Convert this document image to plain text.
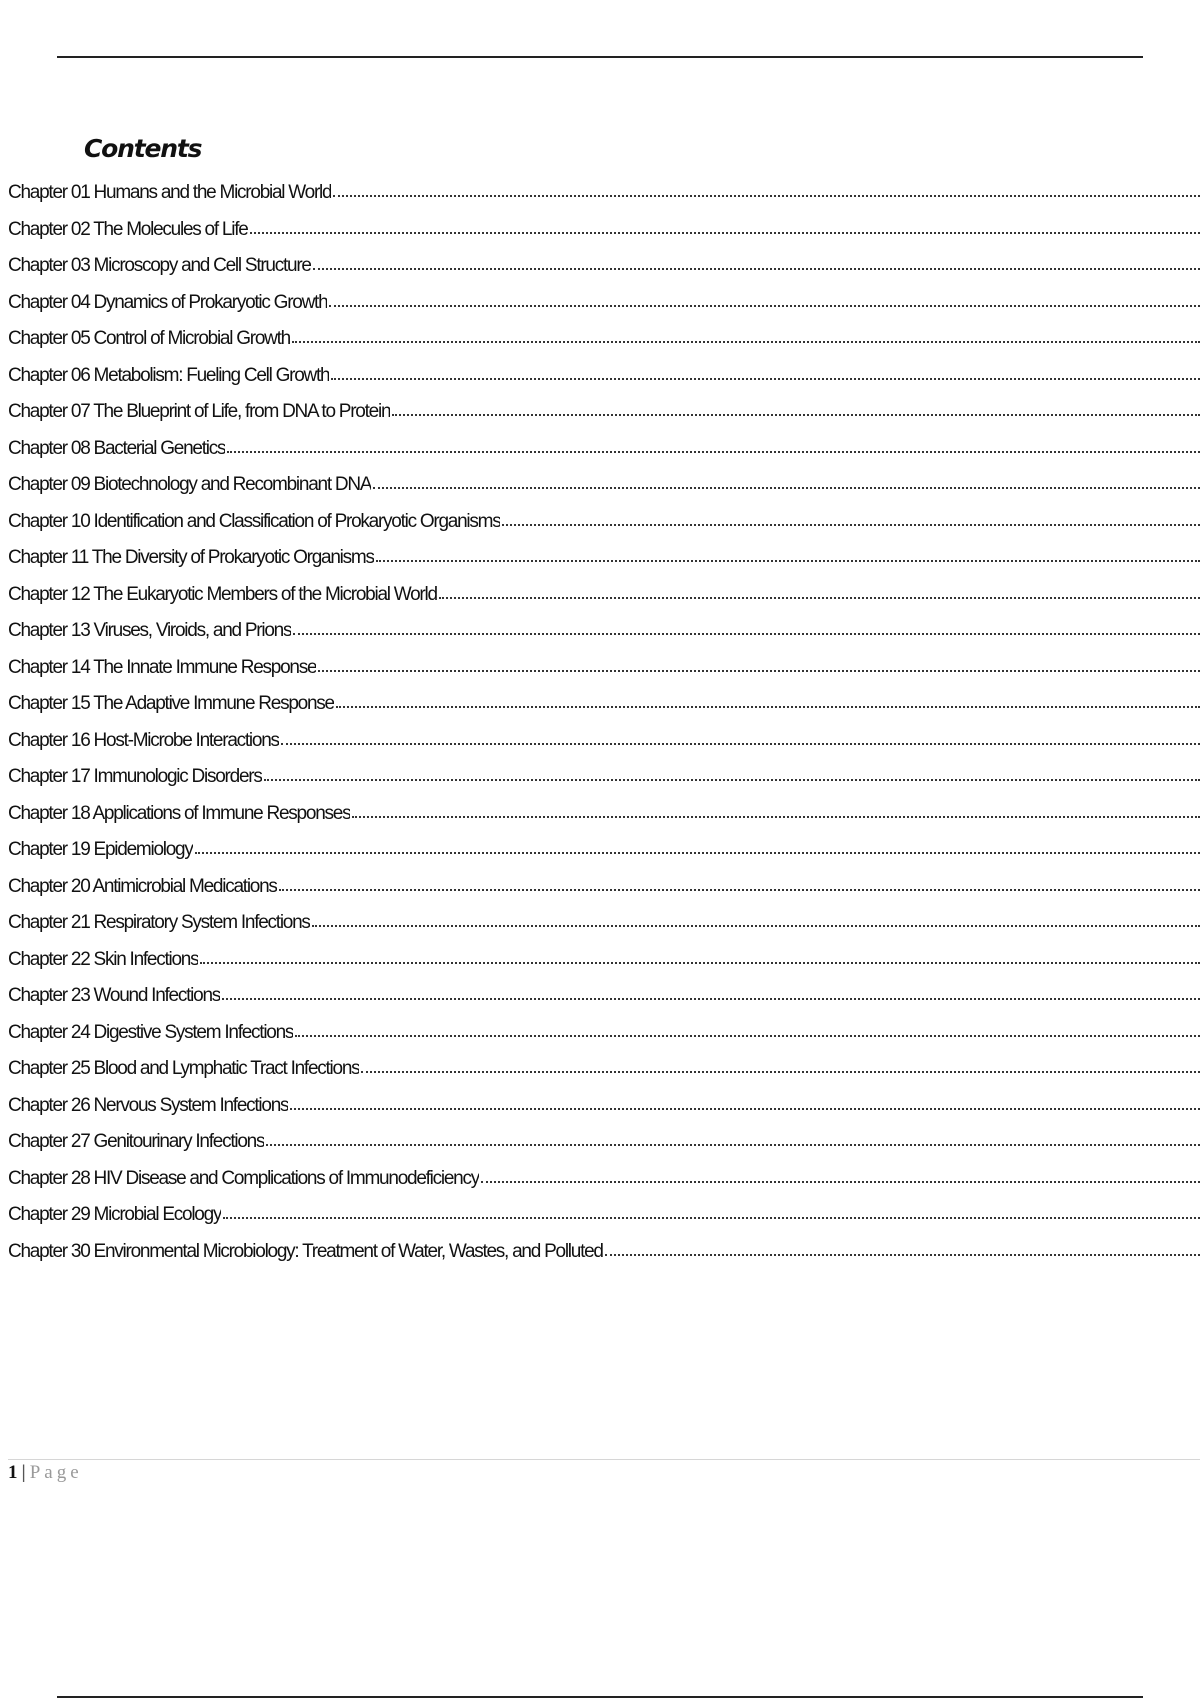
Contents
Chapter 01 Humans and the Microbial World
Chapter 02 The Molecules of Life
Chapter 03 Microscopy and Cell Structure
Chapter 04 Dynamics of Prokaryotic Growth
Chapter 05 Control of Microbial Growth
Chapter 06 Metabolism: Fueling Cell Growth
Chapter 07 The Blueprint of Life, from DNA to Protein
Chapter 08 Bacterial Genetics
Chapter 09 Biotechnology and Recombinant DNA
Chapter 10 Identification and Classification of Prokaryotic Organisms
Chapter 11 The Diversity of Prokaryotic Organisms
Chapter 12 The Eukaryotic Members of the Microbial World
Chapter 13 Viruses, Viroids, and Prions
Chapter 14 The Innate Immune Response
Chapter 15 The Adaptive Immune Response
Chapter 16 Host-Microbe Interactions
Chapter 17 Immunologic Disorders
Chapter 18 Applications of Immune Responses
Chapter 19 Epidemiology
Chapter 20 Antimicrobial Medications
Chapter 21 Respiratory System Infections
Chapter 22 Skin Infections
Chapter 23 Wound Infections
Chapter 24 Digestive System Infections
Chapter 25 Blood and Lymphatic Tract Infections
Chapter 26 Nervous System Infections
Chapter 27 Genitourinary Infections
Chapter 28 HIV Disease and Complications of Immunodeficiency
Chapter 29 Microbial Ecology
Chapter 30 Environmental Microbiology: Treatment of Water, Wastes, and Polluted
1 | Page
